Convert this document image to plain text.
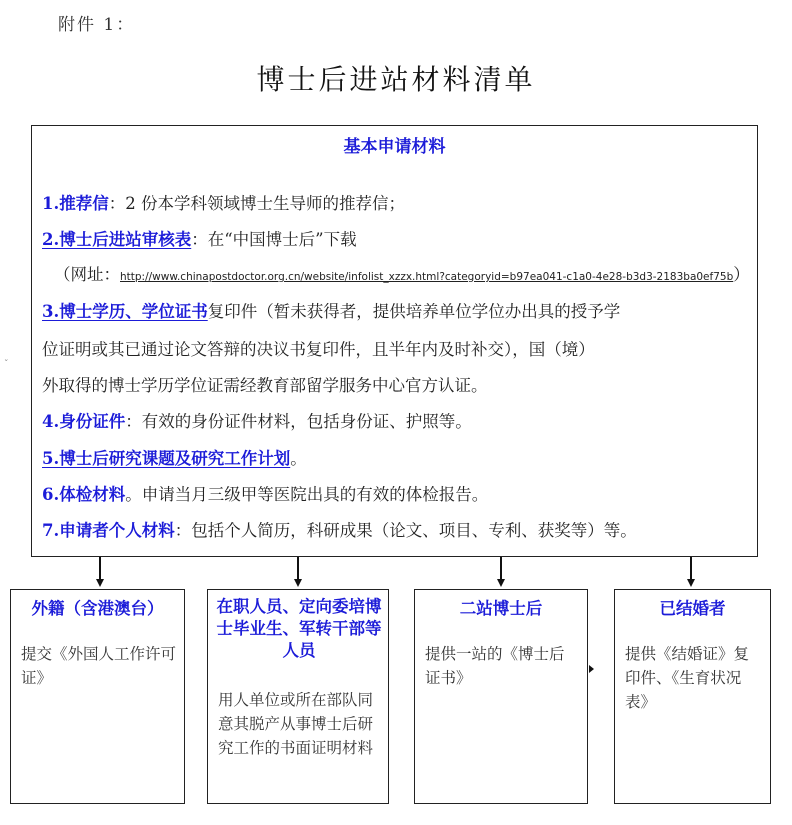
附件 1：
博士后进站材料清单
ˇ
基本申请材料
1.推荐信：2 份本学科领域博士生导师的推荐信；
2.博士后进站审核表：在“中国博士后”下载
（网址：http://www.chinapostdoctor.org.cn/website/infolist_xzzx.html?categoryid=b97ea041-c1a0-4e28-b3d3-2183ba0ef75b）
3.博士学历、学位证书复印件（暂未获得者，提供培养单位学位办出具的授予学
位证明或其已通过论文答辩的决议书复印件，且半年内及时补交），国（境）
外取得的博士学历学位证需经教育部留学服务中心官方认证。
4.身份证件：有效的身份证件材料，包括身份证、护照等。
5.博士后研究课题及研究工作计划。
6.体检材料。申请当月三级甲等医院出具的有效的体检报告。
7.申请者个人材料：包括个人简历，科研成果（论文、项目、专利、获奖等）等。
外籍（含港澳台）
提交《外国人工作许可证》
在职人员、定向委培博士毕业生、军转干部等人员
用人单位或所在部队同意其脱产从事博士后研究工作的书面证明材料
二站博士后
提供一站的《博士后证书》
已结婚者
提供《结婚证》复印件、《生育状况表》
